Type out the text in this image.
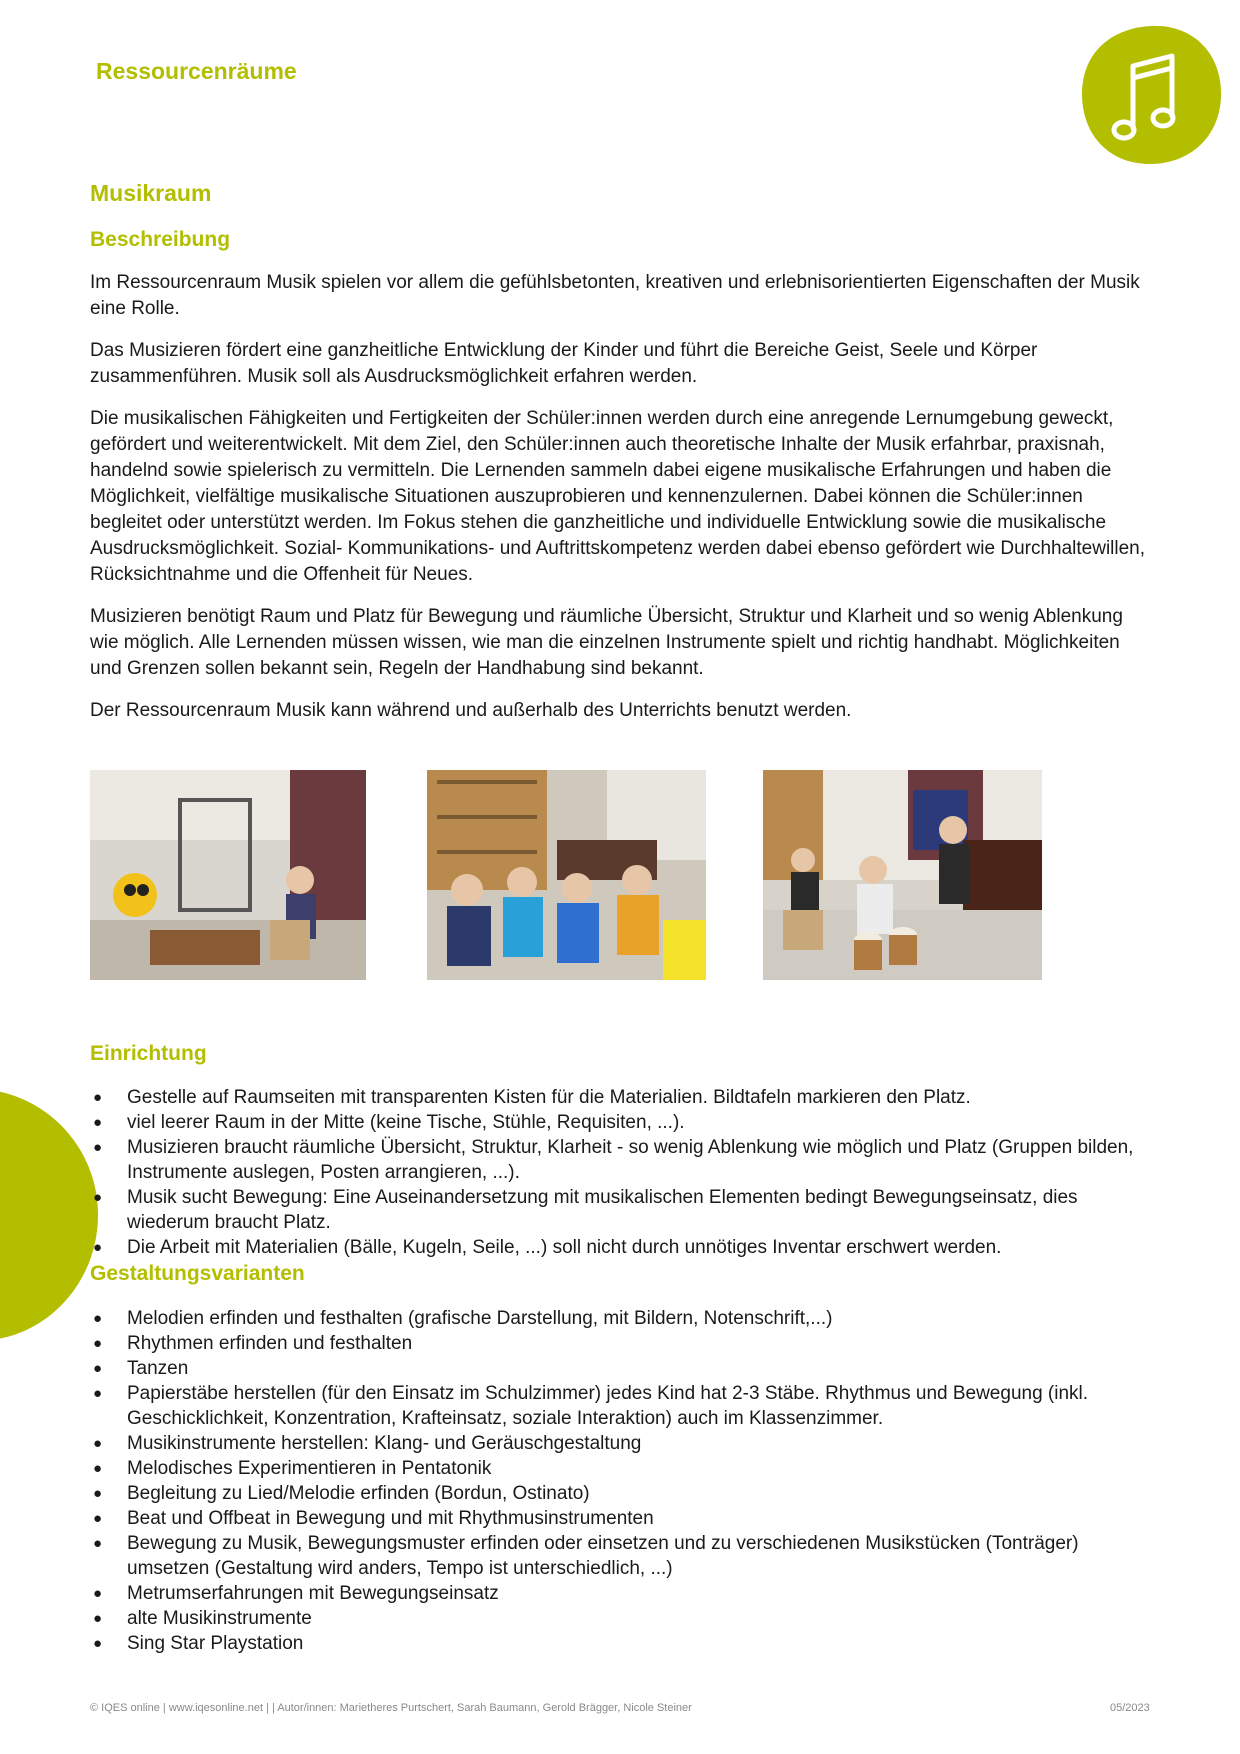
Ressourcenräume
Musikraum
Beschreibung

Im Ressourcenraum Musik spielen vor allem die gefühlsbetonten, kreativen und erlebnisorientierten Eigenschaften der Musik eine Rolle.

Das Musizieren fördert eine ganzheitliche Entwicklung der Kinder und führt die Bereiche Geist, Seele und Körper zusammenführen. Musik soll als Ausdrucksmöglichkeit erfahren werden.

Die musikalischen Fähigkeiten und Fertigkeiten der Schüler:innen werden durch eine anregende Lernumgebung geweckt, gefördert und weiterentwickelt. Mit dem Ziel, den Schüler:innen auch theoretische Inhalte der Musik erfahrbar, praxisnah, handelnd sowie spielerisch zu vermitteln. Die Lernenden sammeln dabei eigene musikalische Erfahrungen und haben die Möglichkeit, vielfältige musikalische Situationen auszuprobieren und kennenzulernen. Dabei können die Schüler:innen begleitet oder unterstützt werden. Im Fokus stehen die ganzheitliche und individuelle Entwicklung sowie die musikalische Ausdrucksmöglichkeit. Sozial- Kommunikations- und Auftrittskompetenz werden dabei ebenso gefördert wie Durchhaltewillen, Rücksichtnahme und die Offenheit für Neues.

Musizieren benötigt Raum und Platz für Bewegung und räumliche Übersicht, Struktur und Klarheit und so wenig Ablenkung wie möglich. Alle Lernenden müssen wissen, wie man die einzelnen Instrumente spielt und richtig handhabt. Möglichkeiten und Grenzen sollen bekannt sein, Regeln der Handhabung sind bekannt.

Der Ressourcenraum Musik kann während und außerhalb des Unterrichts benutzt werden.

Einrichtung
● Gestelle auf Raumseiten mit transparenten Kisten für die Materialien. Bildtafeln markieren den Platz.
● viel leerer Raum in der Mitte (keine Tische, Stühle, Requisiten, ...).
● Musizieren braucht räumliche Übersicht, Struktur, Klarheit - so wenig Ablenkung wie möglich und Platz (Gruppen bilden, Instrumente auslegen, Posten arrangieren, ...).
● Musik sucht Bewegung: Eine Auseinandersetzung mit musikalischen Elementen bedingt Bewegungseinsatz, dies wiederum braucht Platz.
● Die Arbeit mit Materialien (Bälle, Kugeln, Seile, ...) soll nicht durch unnötiges Inventar erschwert werden.
Gestaltungsvarianten
● Melodien erfinden und festhalten (grafische Darstellung, mit Bildern, Notenschrift,...)
● Rhythmen erfinden und festhalten
● Tanzen
● Papierstäbe herstellen (für den Einsatz im Schulzimmer) jedes Kind hat 2-3 Stäbe. Rhythmus und Bewegung (inkl. Geschicklichkeit, Konzentration, Krafteinsatz, soziale Interaktion) auch im Klassenzimmer.
● Musikinstrumente herstellen: Klang- und Geräuschgestaltung
● Melodisches Experimentieren in Pentatonik
● Begleitung zu Lied/Melodie erfinden (Bordun, Ostinato)
● Beat und Offbeat in Bewegung und mit Rhythmusinstrumenten
● Bewegung zu Musik, Bewegungsmuster erfinden oder einsetzen und zu verschiedenen Musikstücken (Tonträger) umsetzen (Gestaltung wird anders, Tempo ist unterschiedlich, ...)
● Metrumserfahrungen mit Bewegungseinsatz
● alte Musikinstrumente
● Sing Star Playstation
© IQES online | www.iqesonline.net | | Autor/innen: Marietheres Purtschert, Sarah Baumann, Gerold Brägger, Nicole Steiner	05/2023
